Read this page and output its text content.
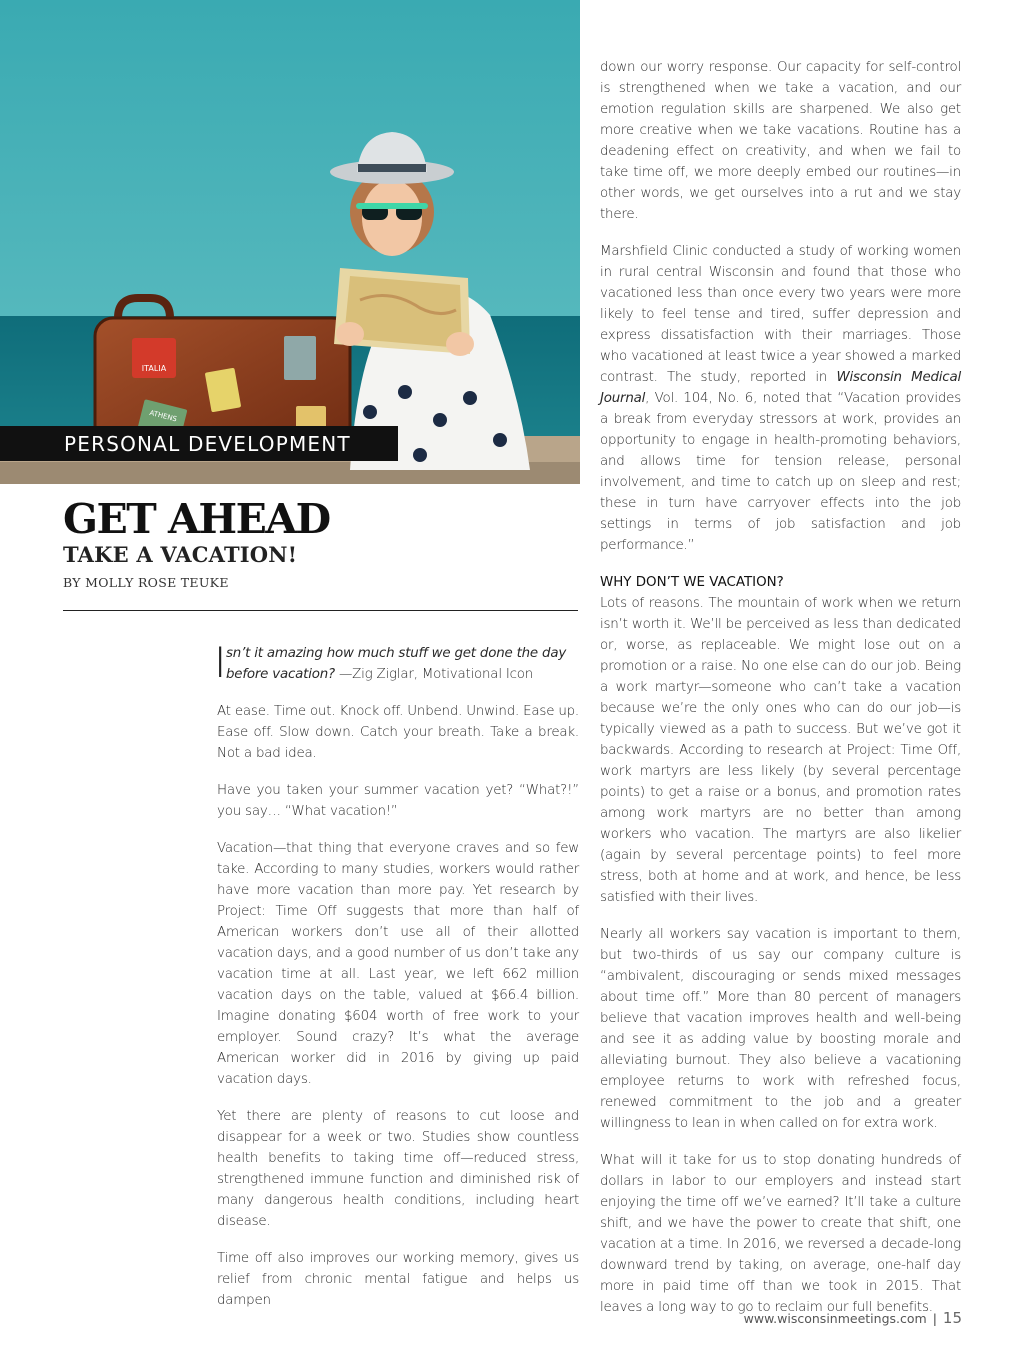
ITALIA
ATHENS
PERSONAL DEVELOPMENT
GET AHEAD
TAKE A VACATION!
BY MOLLY ROSE TEUKE

I sn’t it amazing how much stuff we get done the day before vacation? —Zig Ziglar, Motivational Icon

At ease. Time out. Knock off. Unbend. Unwind. Ease up. Ease off. Slow down. Catch your breath. Take a break. Not a bad idea.

Have you taken your summer vacation yet? “What?!” you say… “What vacation!”

Vacation—that thing that everyone craves and so few take. According to many studies, workers would rather have more vacation than more pay. Yet research by Project: Time Off suggests that more than half of American workers don’t use all of their allotted vacation days, and a good number of us don’t take any vacation time at all. Last year, we left 662 million vacation days on the table, valued at $66.4 billion. Imagine donating $604 worth of free work to your employer. Sound crazy? It’s what the average American worker did in 2016 by giving up paid vacation days.

Yet there are plenty of reasons to cut loose and disappear for a week or two. Studies show countless health benefits to taking time off—reduced stress, strengthened immune function and diminished risk of many dangerous health conditions, including heart disease.

Time off also improves our working memory, gives us relief from chronic mental fatigue and helps us dampen

down our worry response. Our capacity for self-control is strengthened when we take a vacation, and our emotion regulation skills are sharpened. We also get more creative when we take vacations. Routine has a deadening effect on creativity, and when we fail to take time off, we more deeply embed our routines—in other words, we get ourselves into a rut and we stay there.

Marshfield Clinic conducted a study of working women in rural central Wisconsin and found that those who vacationed less than once every two years were more likely to feel tense and tired, suffer depression and express dissatisfaction with their marriages. Those who vacationed at least twice a year showed a marked contrast. The study, reported in Wisconsin Medical Journal, Vol. 104, No. 6, noted that “Vacation provides a break from everyday stressors at work, provides an opportunity to engage in health-promoting behaviors, and allows time for tension release, personal involvement, and time to catch up on sleep and rest; these in turn have carryover effects into the job settings in terms of job satisfaction and job performance.”

WHY DON’T WE VACATION?

Lots of reasons. The mountain of work when we return isn’t worth it. We’ll be perceived as less than dedicated or, worse, as replaceable. We might lose out on a promotion or a raise. No one else can do our job. Being a work martyr—someone who can’t take a vacation because we’re the only ones who can do our job—is typically viewed as a path to success. But we’ve got it backwards. According to research at Project: Time Off, work martyrs are less likely (by several percentage points) to get a raise or a bonus, and promotion rates among work martyrs are no better than among workers who vacation. The martyrs are also likelier (again by several percentage points) to feel more stress, both at home and at work, and hence, be less satisfied with their lives.

Nearly all workers say vacation is important to them, but two-thirds of us say our company culture is “ambivalent, discouraging or sends mixed messages about time off.” More than 80 percent of managers believe that vacation improves health and well-being and see it as adding value by boosting morale and alleviating burnout. They also believe a vacationing employee returns to work with refreshed focus, renewed commitment to the job and a greater willingness to lean in when called on for extra work.

What will it take for us to stop donating hundreds of dollars in labor to our employers and instead start enjoying the time off we’ve earned? It’ll take a culture shift, and we have the power to create that shift, one vacation at a time. In 2016, we reversed a decade-long downward trend by taking, on average, one-half day more in paid time off than we took in 2015. That leaves a long way to go to reclaim our full benefits.

www.wisconsinmeetings.com | 15
